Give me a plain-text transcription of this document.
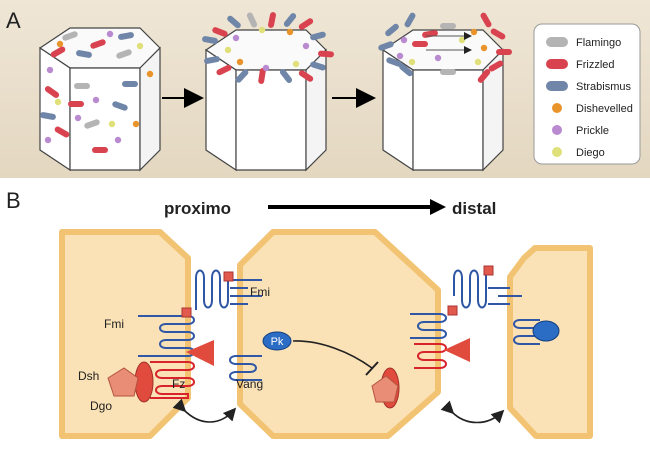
A
Flamingo
Frizzled
Strabismus
Dishevelled
Prickle
Diego
B	proximo	distal
Pk
Fmi
Fmi
Fz	Vang
Dsh
Dgo
